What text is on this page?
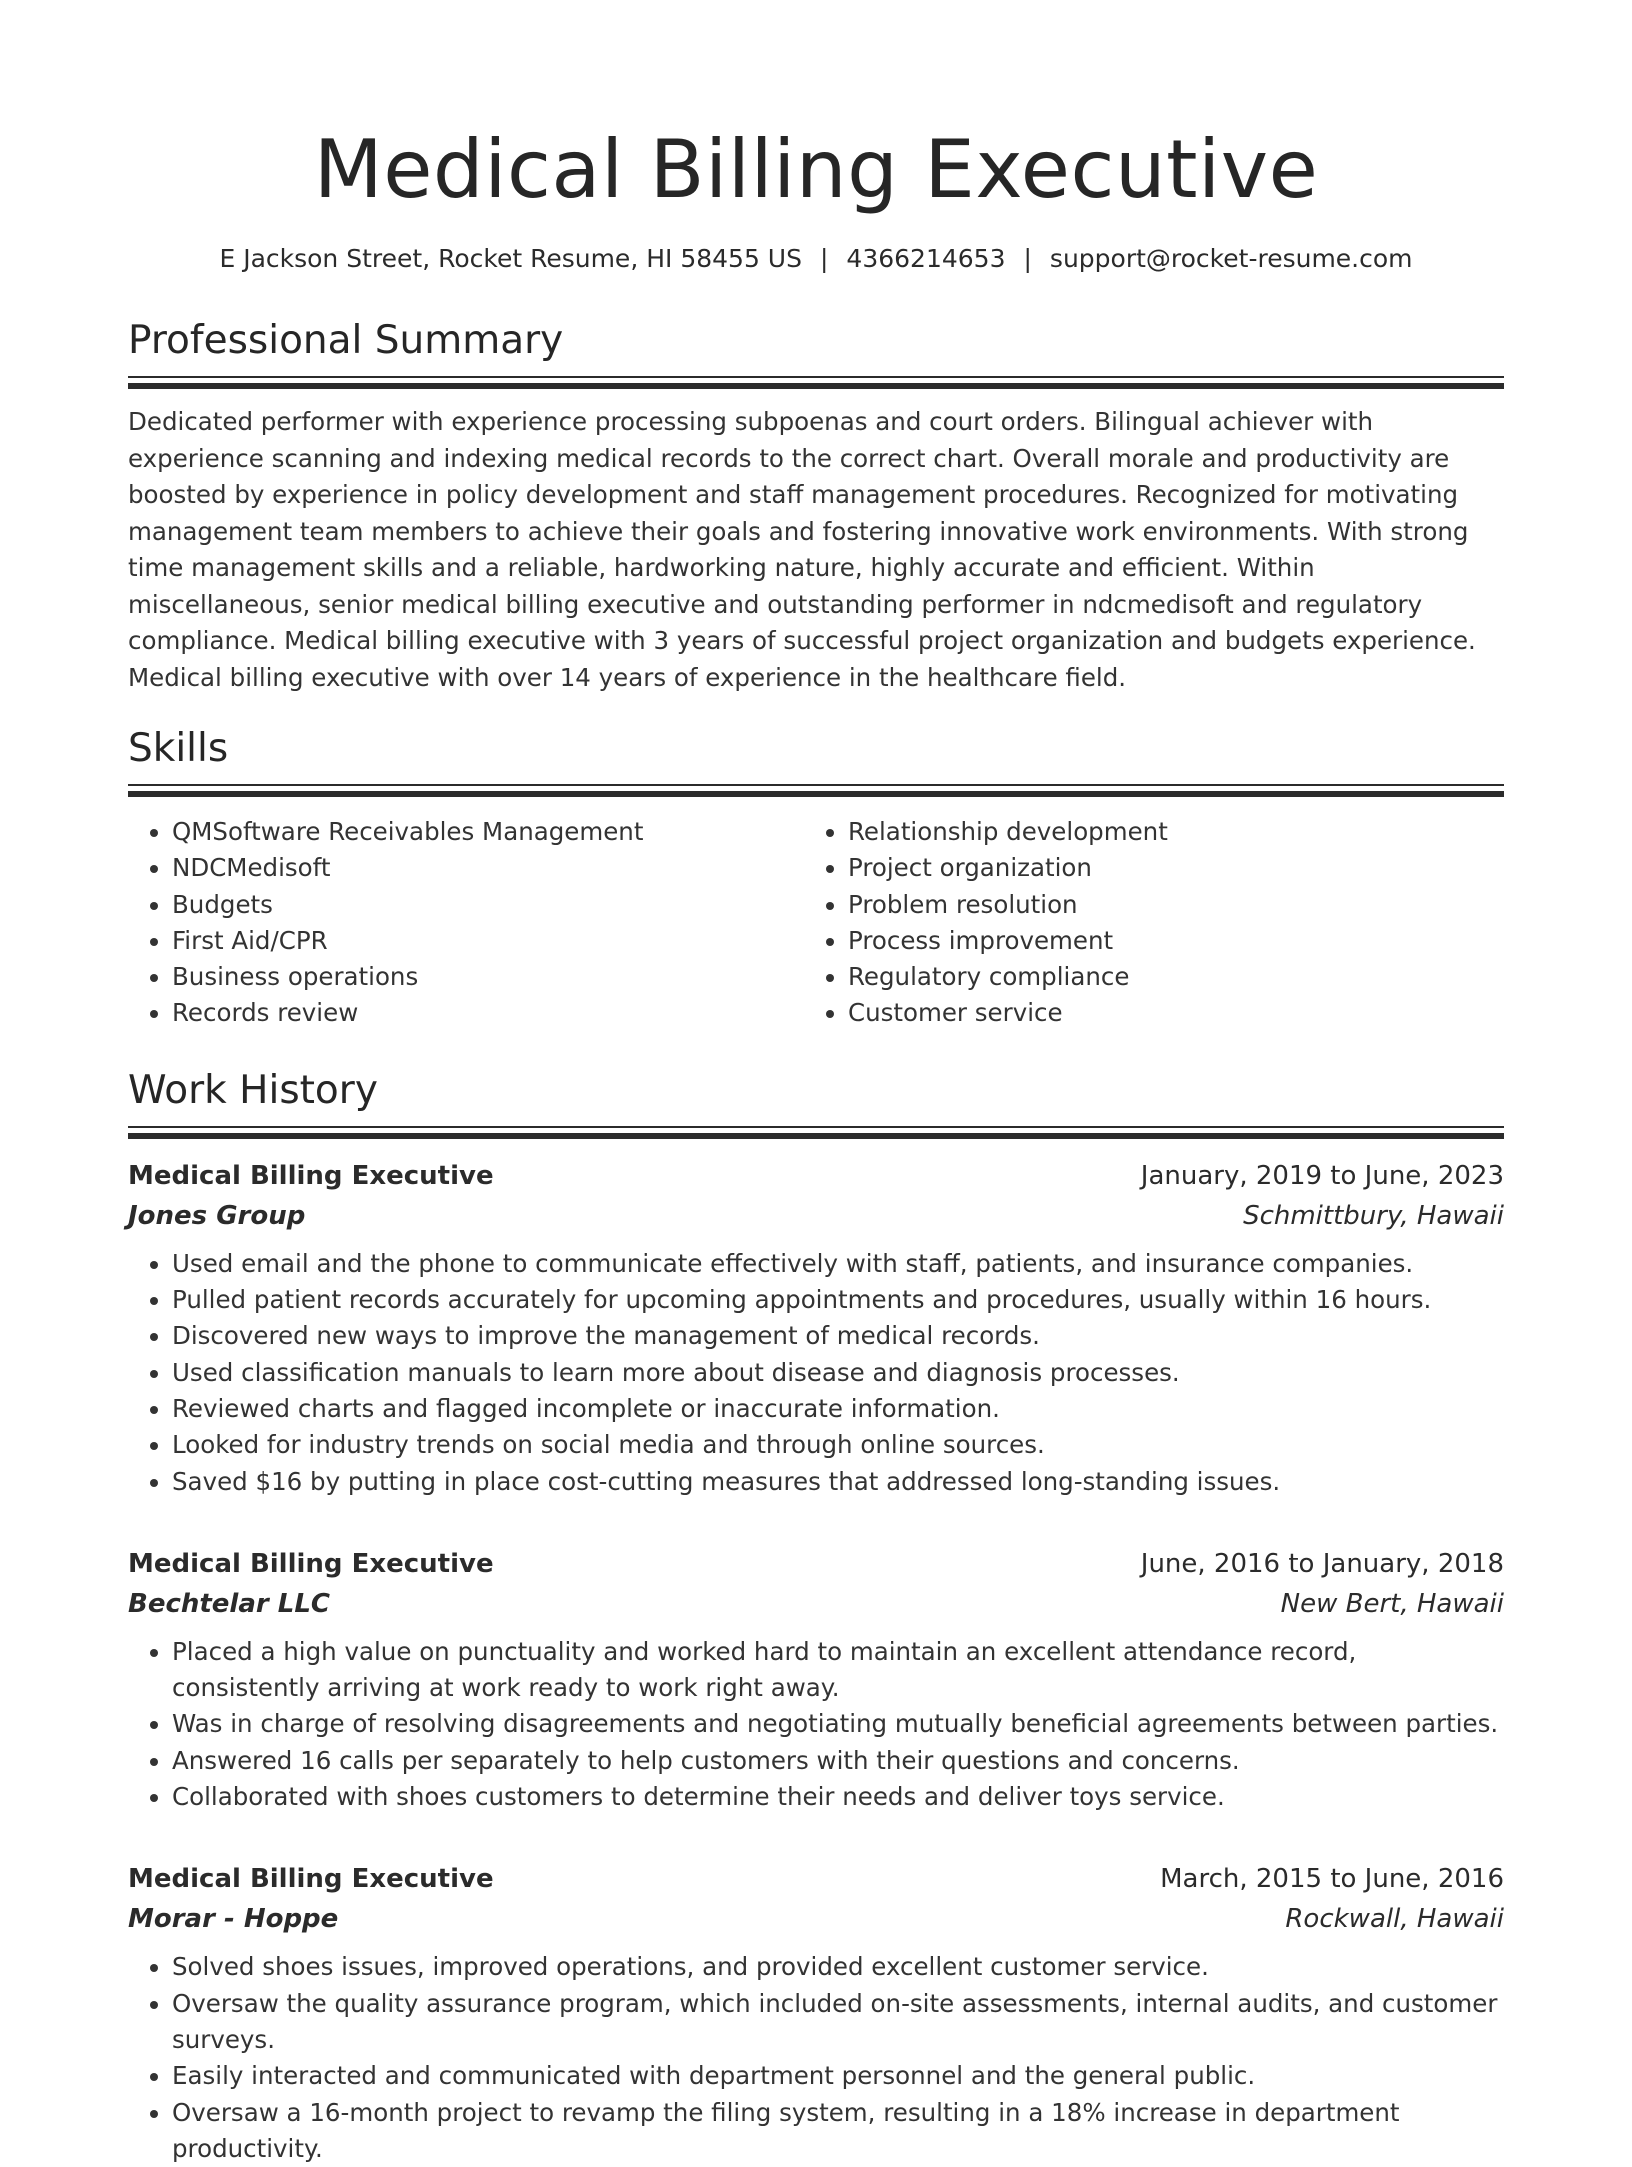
Medical Billing Executive
E Jackson Street, Rocket Resume, HI 58455 US | 4366214653 | support@rocket-resume.com
Professional Summary

Dedicated performer with experience processing subpoenas and court orders. Bilingual achiever with experience scanning and indexing medical records to the correct chart. Overall morale and productivity are boosted by experience in policy development and staff management procedures. Recognized for motivating management team members to achieve their goals and fostering innovative work environments. With strong time management skills and a reliable, hardworking nature, highly accurate and efficient. Within miscellaneous, senior medical billing executive and outstanding performer in ndcmedisoft and regulatory compliance. Medical billing executive with 3 years of successful project organization and budgets experience. Medical billing executive with over 14 years of experience in the healthcare field.

Skills
• QMSoftware Receivables Management
• NDCMedisoft
• Budgets
• First Aid/CPR
• Business operations
• Records review
• Relationship development
• Project organization
• Problem resolution
• Process improvement
• Regulatory compliance
• Customer service
Work History
Medical Billing Executive	January, 2019 to June, 2023
Jones Group	Schmittbury, Hawaii
• Used email and the phone to communicate effectively with staff, patients, and insurance companies.
• Pulled patient records accurately for upcoming appointments and procedures, usually within 16 hours.
• Discovered new ways to improve the management of medical records.
• Used classification manuals to learn more about disease and diagnosis processes.
• Reviewed charts and flagged incomplete or inaccurate information.
• Looked for industry trends on social media and through online sources.
• Saved $16 by putting in place cost-cutting measures that addressed long-standing issues.
Medical Billing Executive	June, 2016 to January, 2018
Bechtelar LLC	New Bert, Hawaii
• Placed a high value on punctuality and worked hard to maintain an excellent attendance record, consistently arriving at work ready to work right away.
• Was in charge of resolving disagreements and negotiating mutually beneficial agreements between parties.
• Answered 16 calls per separately to help customers with their questions and concerns.
• Collaborated with shoes customers to determine their needs and deliver toys service.
Medical Billing Executive	March, 2015 to June, 2016
Morar - Hoppe	Rockwall, Hawaii
• Solved shoes issues, improved operations, and provided excellent customer service.
• Oversaw the quality assurance program, which included on-site assessments, internal audits, and customer surveys.
• Easily interacted and communicated with department personnel and the general public.
• Oversaw a 16-month project to revamp the filing system, resulting in a 18% increase in department productivity.
